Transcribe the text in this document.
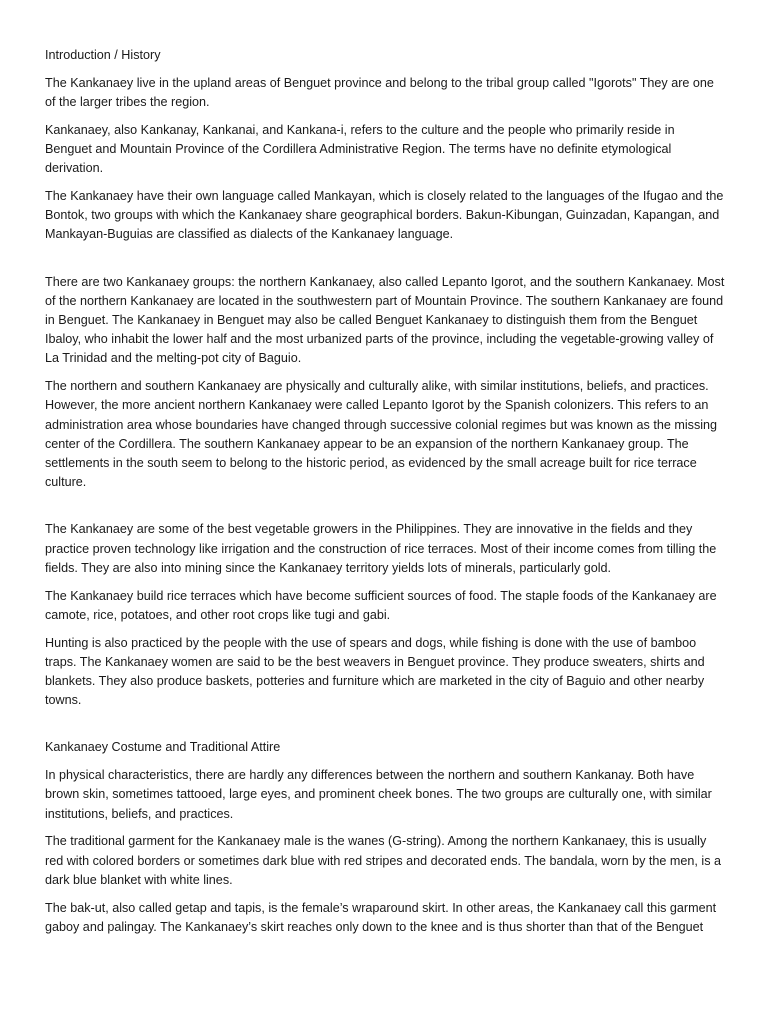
Introduction / History

The Kankanaey live in the upland areas of Benguet province and belong to the tribal group called "Igorots" They are one of the larger tribes the region.

Kankanaey, also Kankanay, Kankanai, and Kankana-i, refers to the culture and the people who primarily reside in Benguet and Mountain Province of the Cordillera Administrative Region. The terms have no definite etymological derivation.

The Kankanaey have their own language called Mankayan, which is closely related to the languages of the Ifugao and the Bontok, two groups with which the Kankanaey share geographical borders. Bakun-Kibungan, Guinzadan, Kapangan, and Mankayan-Buguias are classified as dialects of the Kankanaey language.

There are two Kankanaey groups: the northern Kankanaey, also called Lepanto Igorot, and the southern Kankanaey. Most of the northern Kankanaey are located in the southwestern part of Mountain Province. The southern Kankanaey are found in Benguet. The Kankanaey in Benguet may also be called Benguet Kankanaey to distinguish them from the Benguet Ibaloy, who inhabit the lower half and the most urbanized parts of the province, including the vegetable-growing valley of La Trinidad and the melting-pot city of Baguio.

The northern and southern Kankanaey are physically and culturally alike, with similar institutions, beliefs, and practices. However, the more ancient northern Kankanaey were called Lepanto Igorot by the Spanish colonizers. This refers to an administration area whose boundaries have changed through successive colonial regimes but was known as the missing center of the Cordillera. The southern Kankanaey appear to be an expansion of the northern Kankanaey group. The settlements in the south seem to belong to the historic period, as evidenced by the small acreage built for rice terrace culture.

The Kankanaey are some of the best vegetable growers in the Philippines. They are innovative in the fields and they practice proven technology like irrigation and the construction of rice terraces. Most of their income comes from tilling the fields. They are also into mining since the Kankanaey territory yields lots of minerals, particularly gold.

The Kankanaey build rice terraces which have become sufficient sources of food. The staple foods of the Kankanaey are camote, rice, potatoes, and other root crops like tugi and gabi.

Hunting is also practiced by the people with the use of spears and dogs, while fishing is done with the use of bamboo traps. The Kankanaey women are said to be the best weavers in Benguet province. They produce sweaters, shirts and blankets. They also produce baskets, potteries and furniture which are marketed in the city of Baguio and other nearby towns.

Kankanaey Costume and Traditional Attire

In physical characteristics, there are hardly any differences between the northern and southern Kankanay. Both have brown skin, sometimes tattooed, large eyes, and prominent cheek bones. The two groups are culturally one, with similar institutions, beliefs, and practices.

The traditional garment for the Kankanaey male is the wanes (G-string). Among the northern Kankanaey, this is usually red with colored borders or sometimes dark blue with red stripes and decorated ends. The bandala, worn by the men, is a dark blue blanket with white lines.

The bak-ut, also called getap and tapis, is the female’s wraparound skirt. In other areas, the Kankanaey call this garment gaboy and palingay. The Kankanaey’s skirt reaches only down to the knee and is thus shorter than that of the Benguet
